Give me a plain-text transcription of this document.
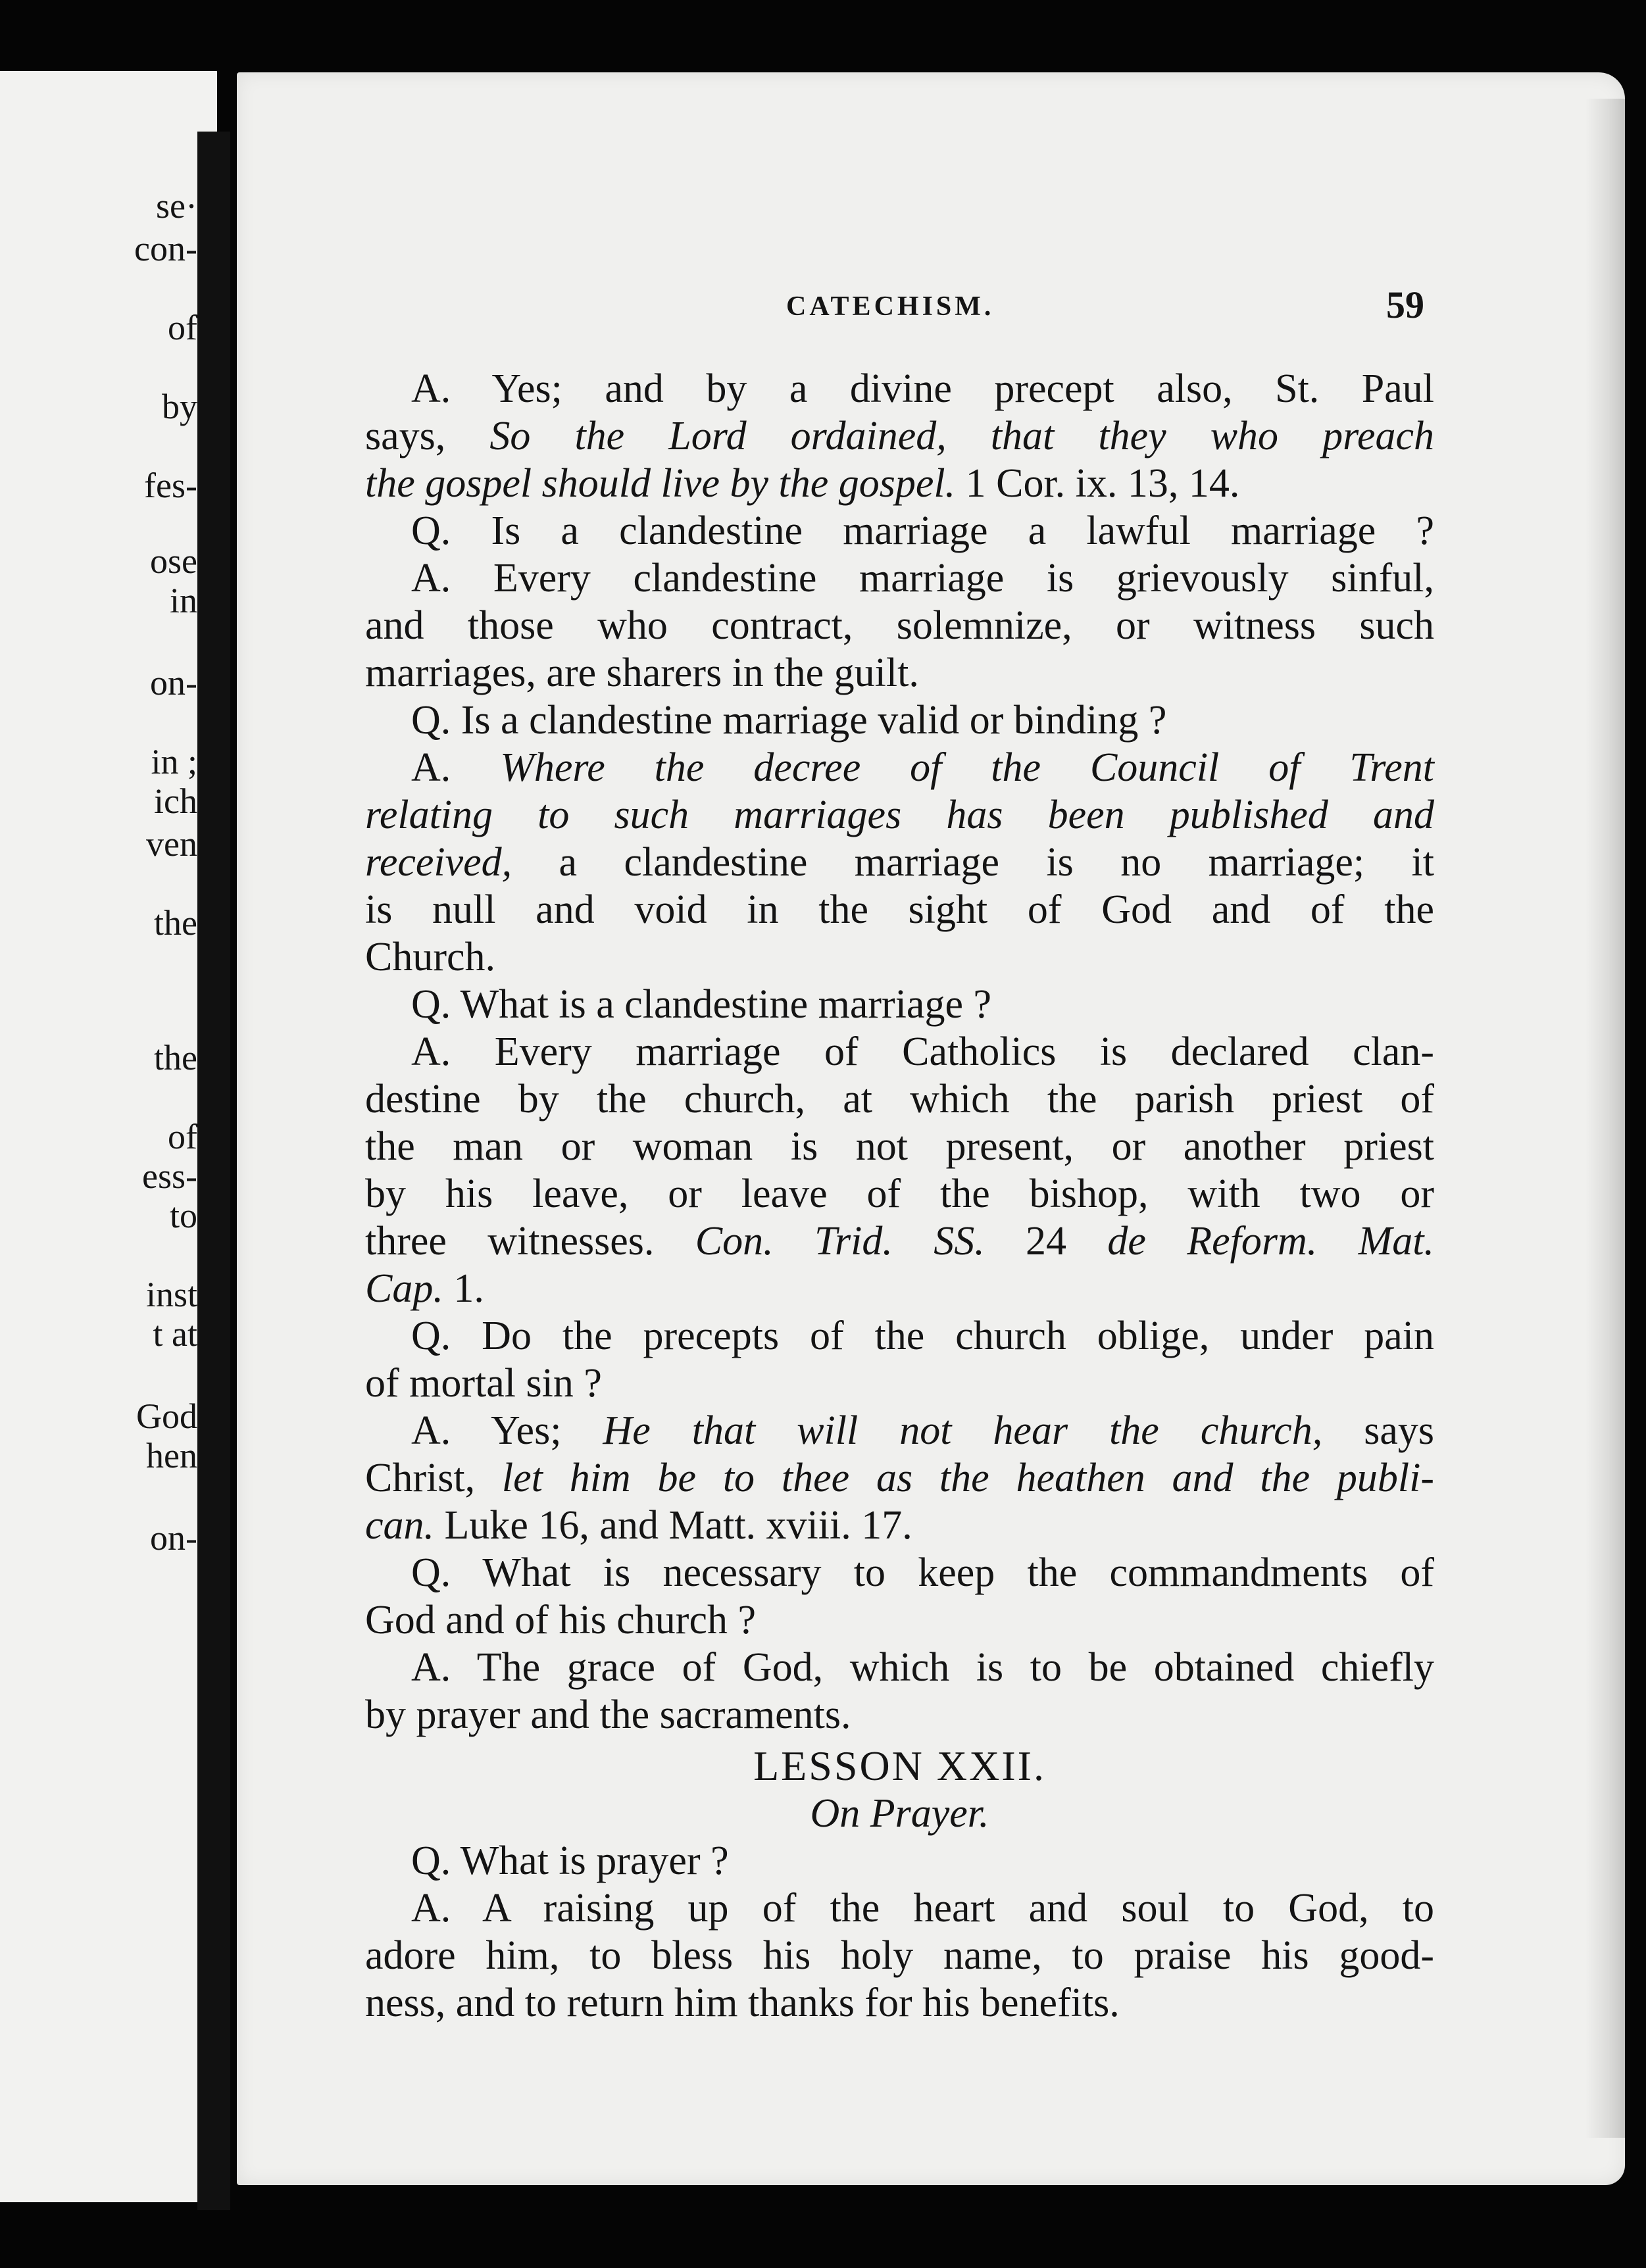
se·
con-
of
by
fes-
ose
in
on-
in ;
ich
ven
the
the
of
ess-
to
inst
t at
God
hen
on-
CATECHISM.	59
A. Yes; and by a divine precept also, St. Paul
says, So the Lord ordained, that they who preach
the gospel should live by the gospel. 1 Cor. ix. 13, 14.
Q. Is a clandestine marriage a lawful marriage ?
A. Every clandestine marriage is grievously sinful,
and those who contract, solemnize, or witness such
marriages, are sharers in the guilt.
Q. Is a clandestine marriage valid or binding ?
A. Where the decree of the Council of Trent
relating to such marriages has been published and
received, a clandestine marriage is no marriage; it
is null and void in the sight of God and of the
Church.
Q. What is a clandestine marriage ?
A. Every marriage of Catholics is declared clan-
destine by the church, at which the parish priest of
the man or woman is not present, or another priest
by his leave, or leave of the bishop, with two or
three witnesses. Con. Trid. SS. 24 de Reform. Mat.
Cap. 1.
Q. Do the precepts of the church oblige, under pain
of mortal sin ?
A. Yes; He that will not hear the church, says
Christ, let him be to thee as the heathen and the publi-
can. Luke 16, and Matt. xviii. 17.
Q. What is necessary to keep the commandments of
God and of his church ?
A. The grace of God, which is to be obtained chiefly
by prayer and the sacraments.
LESSON XXII.
On Prayer.
Q. What is prayer ?
A. A raising up of the heart and soul to God, to
adore him, to bless his holy name, to praise his good-
ness, and to return him thanks for his benefits.
